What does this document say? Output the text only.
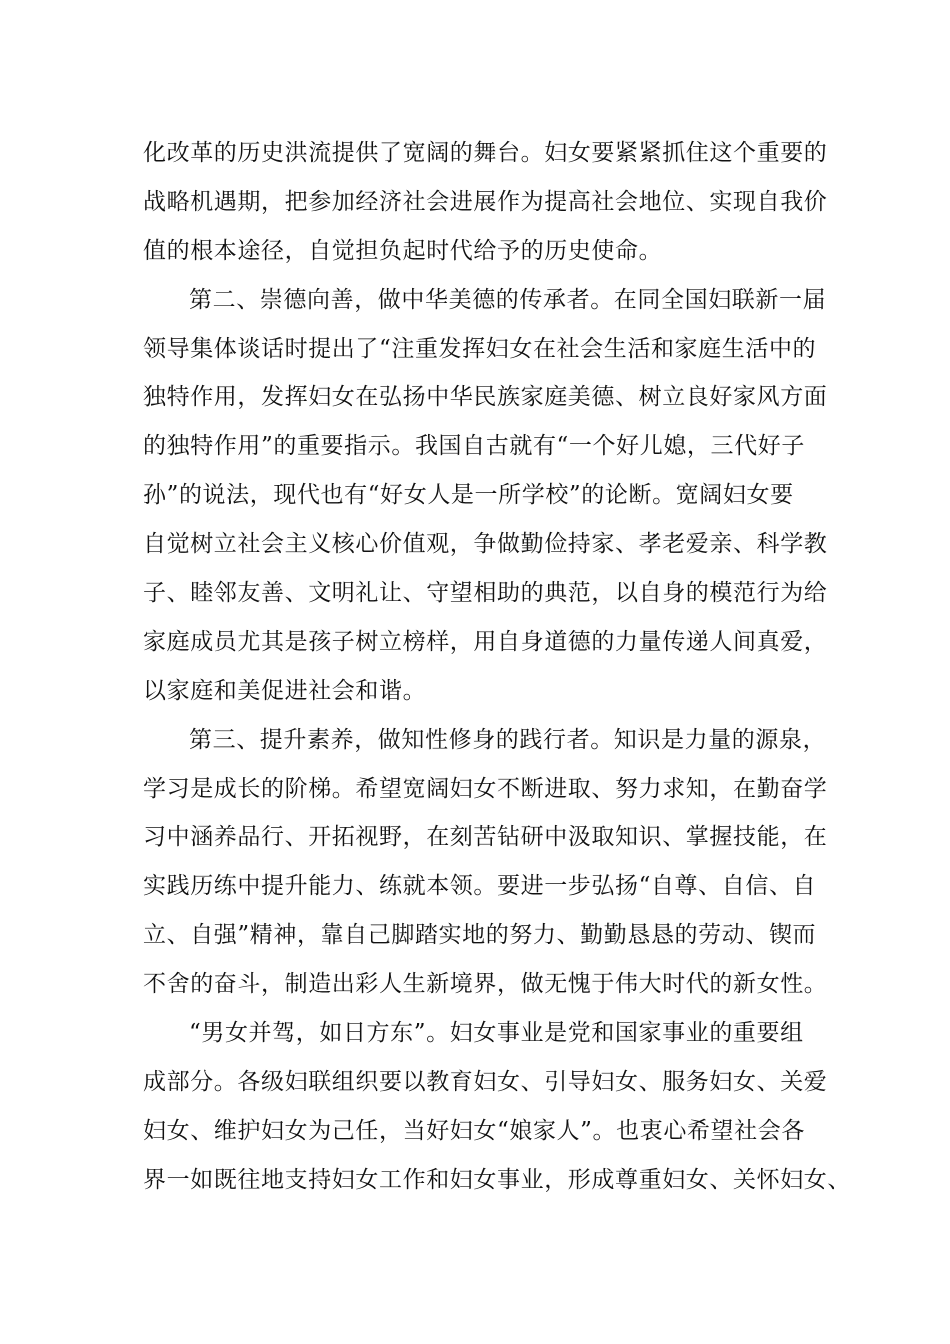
化改革的历史洪流提供了宽阔的舞台。妇女要紧紧抓住这个重要的
战略机遇期，把参加经济社会进展作为提高社会地位、实现自我价
值的根本途径，自觉担负起时代给予的历史使命。
第二、崇德向善，做中华美德的传承者。在同全国妇联新一届
领导集体谈话时提出了“注重发挥妇女在社会生活和家庭生活中的
独特作用，发挥妇女在弘扬中华民族家庭美德、树立良好家风方面
的独特作用”的重要指示。我国自古就有“一个好儿媳，三代好子
孙”的说法，现代也有“好女人是一所学校”的论断。宽阔妇女要
自觉树立社会主义核心价值观，争做勤俭持家、孝老爱亲、科学教
子、睦邻友善、文明礼让、守望相助的典范，以自身的模范行为给
家庭成员尤其是孩子树立榜样，用自身道德的力量传递人间真爱，
以家庭和美促进社会和谐。
第三、提升素养，做知性修身的践行者。知识是力量的源泉，
学习是成长的阶梯。希望宽阔妇女不断进取、努力求知，在勤奋学
习中涵养品行、开拓视野，在刻苦钻研中汲取知识、掌握技能，在
实践历练中提升能力、练就本领。要进一步弘扬“自尊、自信、自
立、自强”精神，靠自己脚踏实地的努力、勤勤恳恳的劳动、锲而
不舍的奋斗，制造出彩人生新境界，做无愧于伟大时代的新女性。
“男女并驾，如日方东”。妇女事业是党和国家事业的重要组
成部分。各级妇联组织要以教育妇女、引导妇女、服务妇女、关爱
妇女、维护妇女为己任，当好妇女“娘家人”。也衷心希望社会各
界一如既往地支持妇女工作和妇女事业，形成尊重妇女、关怀妇女、
